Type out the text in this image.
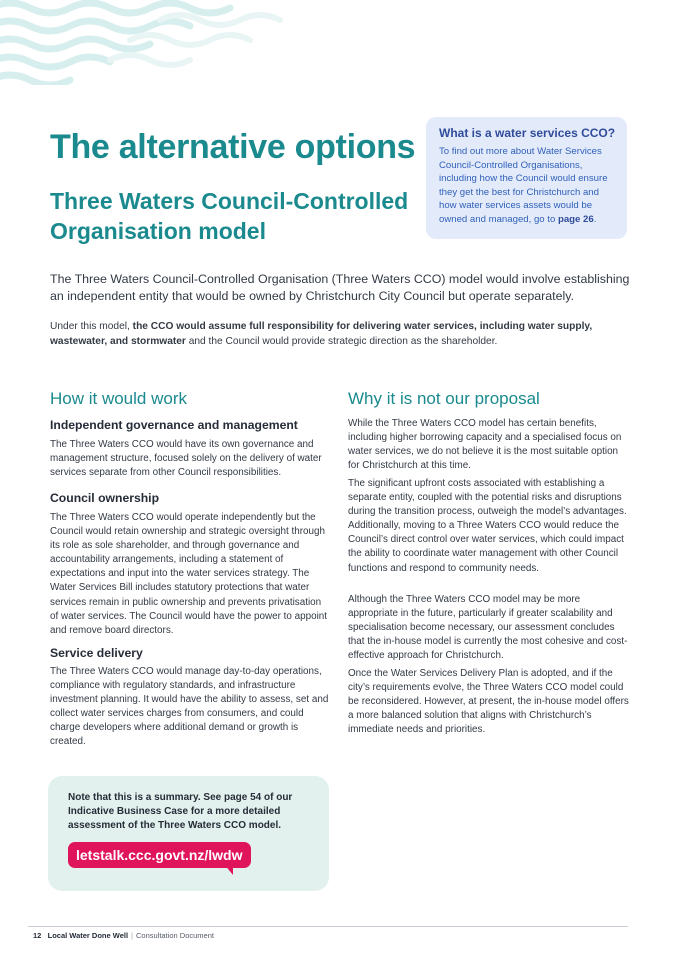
The alternative options
Three Waters Council-Controlled Organisation model
What is a water services CCO?

To find out more about Water Services Council-Controlled Organisations, including how the Council would ensure they get the best for Christchurch and how water services assets would be owned and managed, go to page 26.

The Three Waters Council-Controlled Organisation (Three Waters CCO) model would involve establishing an independent entity that would be owned by Christchurch City Council but operate separately.

Under this model, the CCO would assume full responsibility for delivering water services, including water supply, wastewater, and stormwater and the Council would provide strategic direction as the shareholder.

How it would work
Independent governance and management

The Three Waters CCO would have its own governance and management structure, focused solely on the delivery of water services separate from other Council responsibilities.

Council ownership

The Three Waters CCO would operate independently but the Council would retain ownership and strategic oversight through its role as sole shareholder, and through governance and accountability arrangements, including a statement of expectations and input into the water services strategy. The Water Services Bill includes statutory protections that water services remain in public ownership and prevents privatisation of water services. The Council would have the power to appoint and remove board directors.

Service delivery

The Three Waters CCO would manage day-to-day operations, compliance with regulatory standards, and infrastructure investment planning. It would have the ability to assess, set and collect water services charges from consumers, and could charge developers where additional demand or growth is created.

Why it is not our proposal

While the Three Waters CCO model has certain benefits, including higher borrowing capacity and a specialised focus on water services, we do not believe it is the most suitable option for Christchurch at this time.

The significant upfront costs associated with establishing a separate entity, coupled with the potential risks and disruptions during the transition process, outweigh the model’s advantages. Additionally, moving to a Three Waters CCO would reduce the Council’s direct control over water services, which could impact the ability to coordinate water management with other Council functions and respond to community needs.

Although the Three Waters CCO model may be more appropriate in the future, particularly if greater scalability and specialisation become necessary, our assessment concludes that the in-house model is currently the most cohesive and cost-effective approach for Christchurch.

Once the Water Services Delivery Plan is adopted, and if the city’s requirements evolve, the Three Waters CCO model could be reconsidered. However, at present, the in-house model offers a more balanced solution that aligns with Christchurch’s immediate needs and priorities.

Note that this is a summary. See page 54 of our Indicative Business Case for a more detailed assessment of the Three Waters CCO model.

letstalk.ccc.govt.nz/lwdw
12 Local Water Done Well | Consultation Document
